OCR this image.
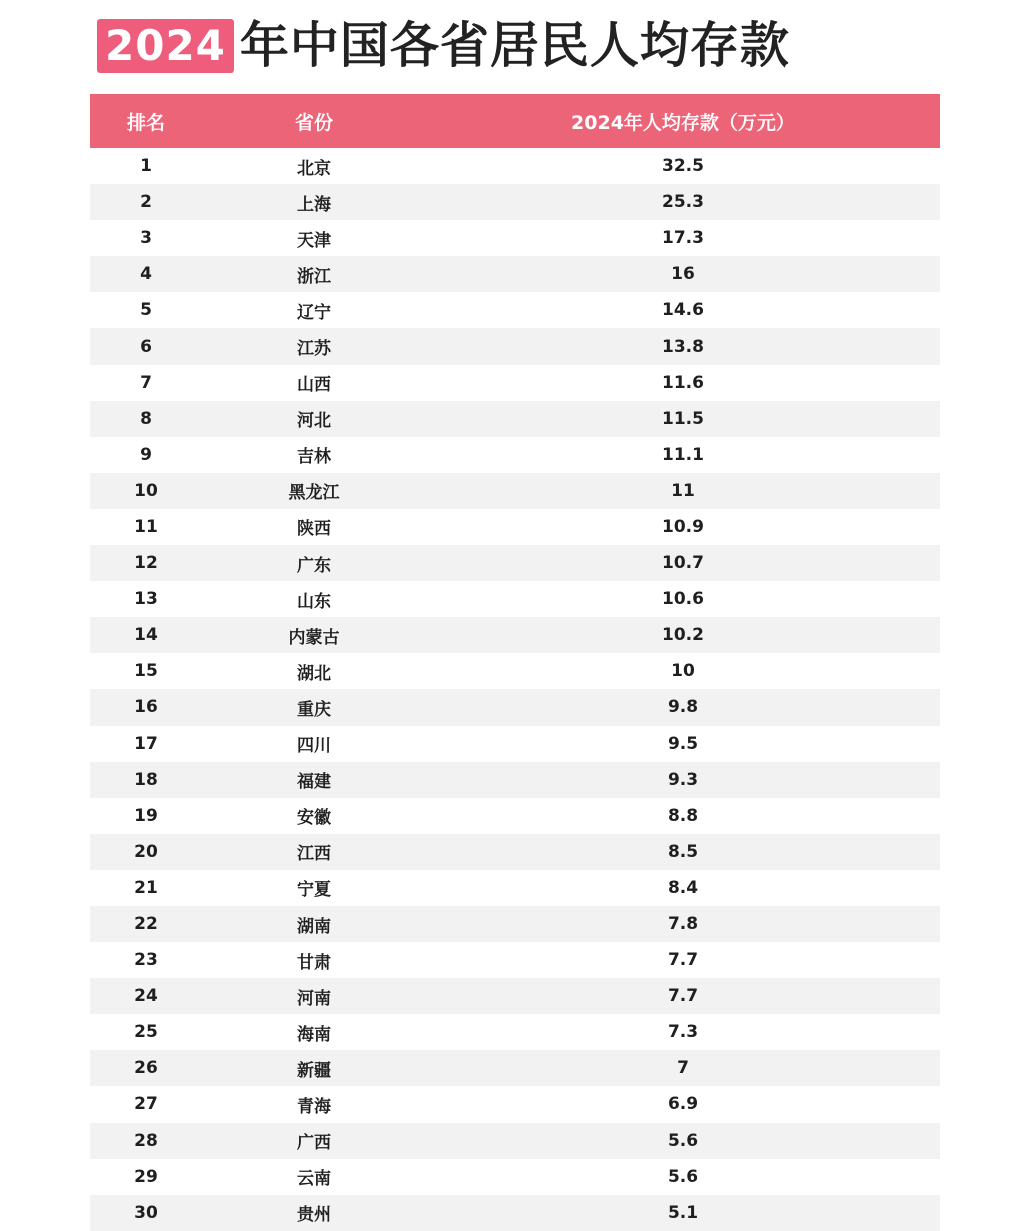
2024 年中国各省居民人均存款
排名	省份	2024年人均存款（万元）
1	北京	32.5
2	上海	25.3
3	天津	17.3
4	浙江	16
5	辽宁	14.6
6	江苏	13.8
7	山西	11.6
8	河北	11.5
9	吉林	11.1
10	黑龙江	11
11	陕西	10.9
12	广东	10.7
13	山东	10.6
14	内蒙古	10.2
15	湖北	10
16	重庆	9.8
17	四川	9.5
18	福建	9.3
19	安徽	8.8
20	江西	8.5
21	宁夏	8.4
22	湖南	7.8
23	甘肃	7.7
24	河南	7.7
25	海南	7.3
26	新疆	7
27	青海	6.9
28	广西	5.6
29	云南	5.6
30	贵州	5.1
